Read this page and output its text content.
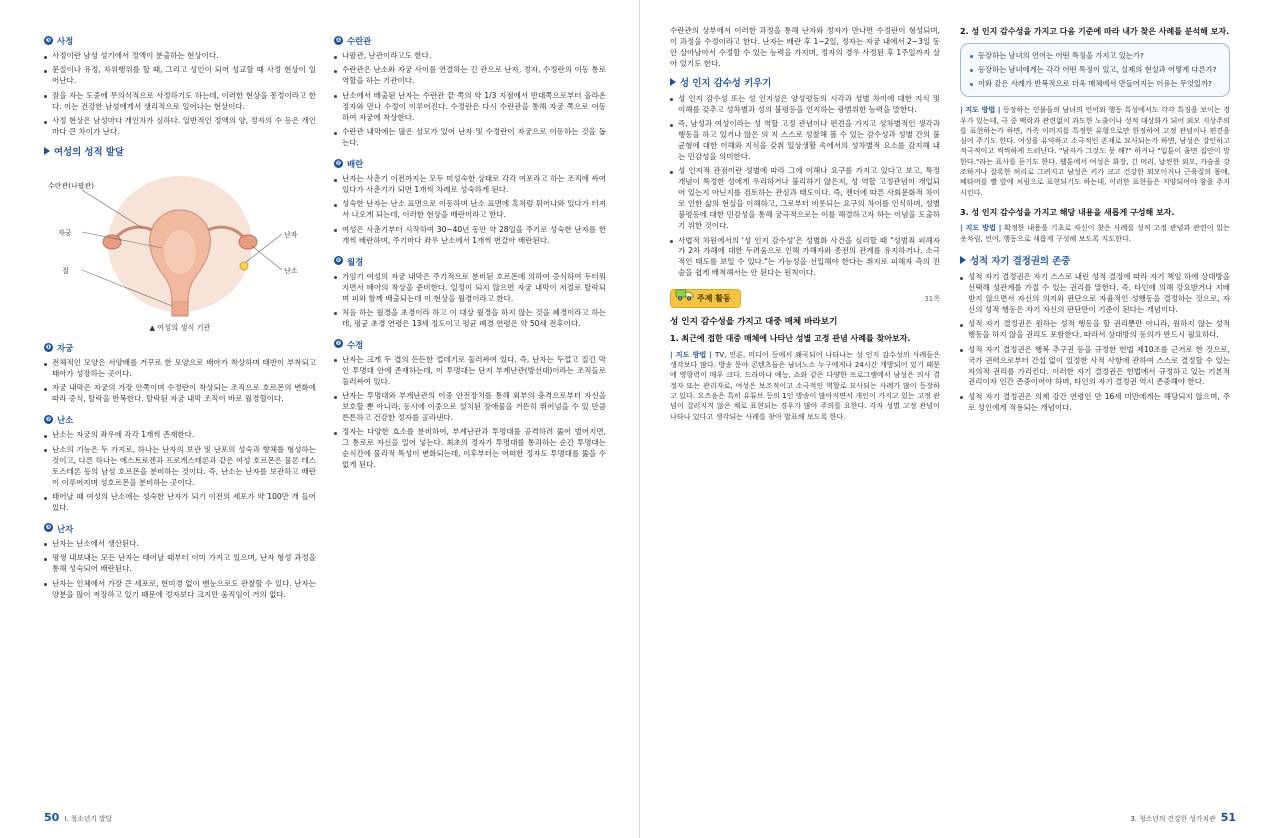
❸ 사정
사정이란 남성 성기에서 정액이 분출하는 현상이다.
문질이나 유정, 자위행위를 할 때, 그리고 성인이 되어 성교할 때 사정 현상이 일어난다.
잠을 자는 도중에 무의식적으로 사정하기도 하는데, 이러한 현상을 몽정이라고 한다. 이는 건강한 남성에게서 생리적으로 일어나는 현상이다.
사정 현상은 남성마다 개인차가 심하다. 일반적인 정액의 양, 정자의 수 등은 개인마다 큰 차이가 난다.
여성의 성적 발달
수란관(나팔관)
자궁
질
난자
난소
▲ 여성의 생식 기관
❶ 자궁
전체적인 모양은 서양배를 거꾸로 한 모양으로 배아가 착상하며 태반이 부착되고 태아가 성장하는 곳이다.
자궁 내막은 자궁의 가장 안쪽이며 수정란이 착상되는 조직으로 호르몬의 변화에 따라 증식, 탈락을 반복한다. 탈락된 자궁 내막 조직이 바로 월경혈이다.
❷ 난소
난소는 자궁의 좌우에 각각 1개씩 존재한다.
난소의 기능은 두 가지로, 하나는 난자의 보관 및 난포의 성숙과 향체를 형성하는 것이고, 다른 하나는 에스트로겐과 프로게스테론과 같은 여성 호르몬은 물론 테스토스테론 등의 남성 호르몬을 분비하는 것이다. 즉, 난소는 난자를 보관하고 배란이 이루어지며 성호르몬을 분비하는 곳이다.
태어날 때 여성의 난소에는 성숙한 난자가 되기 이전의 세포가 약 100만 개 들어 있다.
❸ 난자
난자는 난소에서 생산된다.
평생 내보내는 모든 난자는 태어날 때부터 이미 가지고 있으며, 난자 형성 과정을 통해 성숙되어 배란된다.
난자는 인체에서 가장 큰 세포로, 현미경 없이 맨눈으로도 관찰할 수 있다. 난자는 양분을 많이 저장하고 있기 때문에 정자보다 크지만 움직임이 거의 없다.
❹ 수란관
나팔관, 난관이라고도 한다.
수란관은 난소와 자궁 사이를 연결하는 긴 관으로 난자, 정자, 수정란의 이동 통로 역할을 하는 기관이다.
난소에서 배출된 난자는 수란관 끝 쪽의 약 1/3 지점에서 반대쪽으로부터 올라온 정자와 만나 수정이 이루어진다. 수정란은 다시 수란관을 통해 자궁 쪽으로 이동하여 자궁에 착상한다.
수란관 내막에는 많은 섬모가 있어 난자 및 수정란이 자궁으로 이동하는 것을 돕는다.
❺ 배란
난자는 사춘기 이전까지는 모두 미성숙한 상태로 각각 여포라고 하는 조직에 싸여 있다가 사춘기가 되면 1개씩 차례로 성숙하게 된다.
성숙한 난자는 난소 표면으로 이동하며 난소 표면에 혹처럼 튀어나와 있다가 터져서 나오게 되는데, 이러한 현상을 배란이라고 한다.
여성은 사춘기부터 시작하여 30~40년 동안 약 28일을 주기로 성숙한 난자를 한 개씩 배란하며, 주기마다 좌우 난소에서 1개씩 번갈아 배란된다.
❻ 월경
가임기 여성의 자궁 내막은 주기적으로 분비된 호르몬에 의하여 증식하여 두터워지면서 배아의 착상을 준비한다. 일정이 되지 않으면 자궁 내막이 저절로 탈락되며 피와 함께 배출되는데 이 현상을 월경이라고 한다.
처음 하는 월경을 초경이라 하고 이 대상 월경을 하지 않는 것을 폐경이라고 하는데, 평균 초경 연령은 13세 정도이고 평균 폐경 연령은 약 50세 전후이다.
❼ 수정
난자는 크게 두 겹의 든든한 껍데기로 둘러싸여 있다. 즉, 난자는 두껍고 질긴 막인 투명대 안에 존재하는데, 이 투명대는 단지 부계난관(방선대)이라는 조직들로 둘러싸여 있다.
난자는 투명대와 부계난관의 이중 안전장치를 통해 외부의 충격으로부터 자신을 보호할 뿐 아니라, 동시에 이중으로 설치된 장애물을 거뜬히 뛰어넘을 수 있 만큼 튼튼하고 건강한 정자를 골라낸다.
정자는 다양한 효소를 분비하여, 부계난관과 투명대를 공격하려 뚫어 벌어지면, 그 통로로 자신을 밀어 넣는다. 최초의 정자가 투명대를 통과하는 순간 투명대는 순식간에 물리적 특성이 변화되는데, 이후부터는 어떠한 정자도 투명대를 뚫을 수 없게 된다.
50 I. 청소년기 발달

수란관의 상부에서 이러한 과정을 통해 난자와 정자가 만나면 수정란이 형성되며, 이 과정을 수정이라고 한다. 난자는 배란 후 1~2일, 정자는 자궁 내에서 2~3일 동안 살아남아서 수정할 수 있는 능력을 가지며, 정자의 경우 사정된 후 1주일까지 살아 있기도 한다.

성 인지 감수성 키우기
성 인지 감수성 또는 성 인지성은 양성평등의 시각과 성별 차이에 대한 지식 및 이해를 갖추고 성차별과 성의 불평등을 인지하는 광범위한 능력을 말한다.
즉, 남성과 여성이라는 성 역할 고정 관념이나 편견을 가지고 성차별적인 생각과 행동을 하고 있거나 않은 의 지 스스로 성찰해 볼 수 있는 감수성과 성별 간의 불균형에 대한 이해와 지식을 갖춰 일상생활 속에서의 성차별적 요소를 감지해 내는 민감성을 의미한다.
성 인지적 관점이란 성별에 따라 그에 이해나 요구를 가지고 있다고 보고, 특정 개념이 특정한 성에게 우리하거나 불리하기 않은지, 성 역할 고정관념이 개입되어 있는지 아닌지를 검토하는 관심과 태도이다. 즉, 젠더에 따른 사회문화적 차이로 인한 삶의 현실을 이해하고, 그로부터 비롯되는 요구의 차이를 인식하며, 성별 불평등에 대한 민감성을 통해 궁극적으로는 이를 해결하고자 하는 이념을 도출하기 위한 것이다.
사법적 차원에서의 '성 인지 감수성'은 성별화 사건을 심리할 때 "성범죄 피해자가 2차 가해에 대한 두려움으로 인해 가해자와 종전의 관계를 유지하거나, 소극적인 태도를 보일 수 있다."는 가능성을 선입해야 한다는 취지로 피해자 측의 진술을 쉽게 배척해서는 안 된다는 원칙이다.
주제 활동	31쪽
성 인지 감수성을 가지고 대중 매체 바라보기
1. 최근에 접한 대중 매체에 나타난 성별 고정 관념 사례를 찾아보자.

| 지도 방법 | TV, 언론, 미디어 등에서 왜곡되어 나타나는 성 인지 감수성의 사례들은 생각보다 많다. 방송 문야 콘텐츠들은 남녀노소 누구에게나 24시간 개방되어 있기 때문에 영향력이 매우 크다. 드라마나 예능, 쇼와 같은 다양한 프로그램에서 남성은 의사 결정자 또는 관리자로, 여성은 보조적이고 소극적인 역할로 묘사되는 사례가 많이 등장하고 있다. 요즈음은 특히 유튜브 등의 1인 방송이 많아지면서 개인이 가지고 있는 고정 관념이 걸러지지 않은 채로 표현되는 경우가 많아 주의를 요한다. 각자 성별 고정 관념이 나타나 있다고 생각되는 사례를 찾아 발표해 보도록 한다.

2. 성 인지 감수성을 가지고 다음 기준에 따라 내가 찾은 사례를 분석해 보자.
등장하는 남녀의 언어는 어떤 특징을 가지고 있는가?
등장하는 남녀에게는 각각 어떤 특징이 있고, 실제의 현실과 어떻게 다른가?
이와 같은 사례가 반복적으로 더욱 매체에서 만들어지는 이유는 무엇일까?

| 지도 방법 | 등장하는 인물들의 남녀의 언어와 행동 특성에서도 각각 특징을 보이는 경우가 있는데, 극 중 맥락과 관련없이 과도한 노출이나 성적 대상화가 되어 외모 지상주의를 표현하는가 하면, 가족 이미지를 특정한 유형으로만 한정하여 고정 관념이나 편견을 심어 주기도 한다. 여성을 유약하고 소극적인 존재로 묘사되는가 하면, 남성은 강인하고 적극적이고 씩씩하게 드러난다. "남자가 그것도 못 해?" 하거나 "입툰이 울면 집안이 망한다."라는 표사를 듣기도 한다. 웹툰에서 여성은 화장, 긴 머리, 날씬한 외모, 가슴을 강조하거나 잘록한 허리로 그려지고 남성은 키가 크고 건강한 외모이거나 근육질의 몸매, 베타머를 빨 앞에 처림으로 표현되기도 하는데, 이러한 표현들은 지양되어야 함을 주지시킨다.

3. 성 인지 감수성을 가지고 해당 내용을 새롭게 구성해 보자.

| 지도 방법 | 확정한 내용을 기초로 자신이 찾은 사례를 성적 고정 관념과 관련이 있는 옷차림, 언어, 행동으로 새롭게 구성해 보도록 지도한다.

성적 자기 결정권의 존중
성적 자기 결정권은 자기 스스로 내린 성적 결정에 따라 자기 책임 하에 상대방을 선택해 성관계를 가질 수 있는 권리를 말한다. 즉, 타인에 의해 강요받거나 지배받지 않으면서 자신의 의지와 판단으로 자율적인 성행동을 결정하는 것으로, 자신의 성적 행동은 자기 자신의 판단만이 기준이 된다는 개념이다.
성적 자기 결정권은 원하는 성적 행동을 할 권리뿐만 아니라, 원하지 않는 성적 행동을 하지 않을 권리도 포함한다. 따라서 상대방의 동의가 반드시 필요하다.
성적 자기 결정권은 행복 추구권 등을 규정한 헌법 제10조를 근거로 한 것으로, 국가 권력으로부터 간섭 없이 일정한 사적 사항에 관하여 스스로 결정할 수 있는 자의적 권리를 가리킨다. 이러한 자기 결정권은 헌법에서 규정하고 있는 기본적 권리이자 인간 존중이어야 하며, 타인의 자기 결정권 역시 존중해야 한다.
성적 자기 결정권은 의제 강간 연령인 만 16세 미만에게는 해당되지 않으며, 주로 성인에게 적용되는 개념이다.
3. 청소년의 건강한 성가치관 51
